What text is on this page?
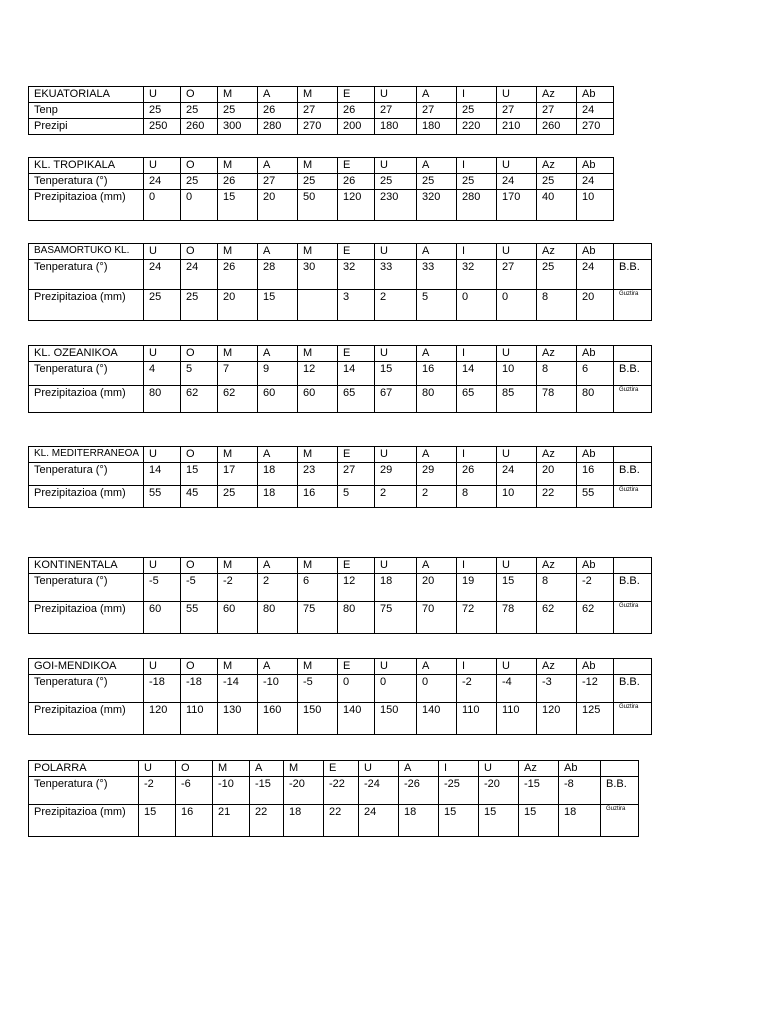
EKUATORIALA	U	O	M	A	M	E	U	A	I	U	Az	Ab
Tenp	25	25	25	26	27	26	27	27	25	27	27	24
Prezipi	250	260	300	280	270	200	180	180	220	210	260	270
KL. TROPIKALA	U	O	M	A	M	E	U	A	I	U	Az	Ab
Tenperatura (°)	24	25	26	27	25	26	25	25	25	24	25	24
Prezipitazioa (mm)	0	0	15	20	50	120	230	320	280	170	40	10
BASAMORTUKO KL.	U	O	M	A	M	E	U	A	I	U	Az	Ab	
Tenperatura (°)	24	24	26	28	30	32	33	33	32	27	25	24	B.B.
Prezipitazioa (mm)	25	25	20	15		3	2	5	0	0	8	20	Guztira
KL. OZEANIKOA	U	O	M	A	M	E	U	A	I	U	Az	Ab	
Tenperatura (°)	4	5	7	9	12	14	15	16	14	10	8	6	B.B.
Prezipitazioa (mm)	80	62	62	60	60	65	67	80	65	85	78	80	Guztira
KL. MEDITERRANEOA	U	O	M	A	M	E	U	A	I	U	Az	Ab	
Tenperatura (°)	14	15	17	18	23	27	29	29	26	24	20	16	B.B.
Prezipitazioa (mm)	55	45	25	18	16	5	2	2	8	10	22	55	Guztira
KONTINENTALA	U	O	M	A	M	E	U	A	I	U	Az	Ab	
Tenperatura (°)	-5	-5	-2	2	6	12	18	20	19	15	8	-2	B.B.
Prezipitazioa (mm)	60	55	60	80	75	80	75	70	72	78	62	62	Guztira
GOI-MENDIKOA	U	O	M	A	M	E	U	A	I	U	Az	Ab	
Tenperatura (°)	-18	-18	-14	-10	-5	0	0	0	-2	-4	-3	-12	B.B.
Prezipitazioa (mm)	120	110	130	160	150	140	150	140	110	110	120	125	Guztira
POLARRA	U	O	M	A	M	E	U	A	I	U	Az	Ab	
Tenperatura (°)	-2	-6	-10	-15	-20	-22	-24	-26	-25	-20	-15	-8	B.B.
Prezipitazioa (mm)	15	16	21	22	18	22	24	18	15	15	15	18	Guztira
